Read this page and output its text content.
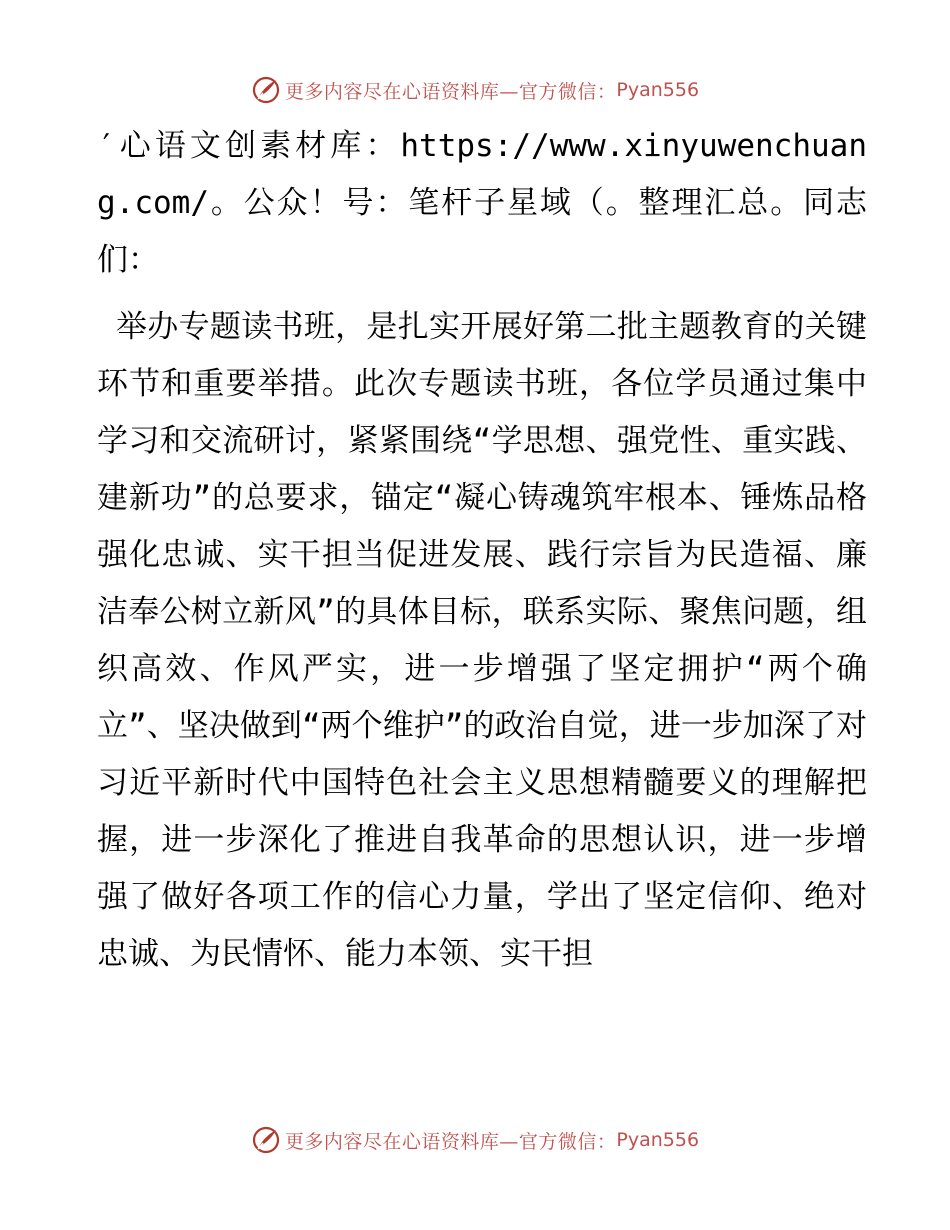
更多内容尽在心语资料库—官方微信： Pyan556

′心语文创素材库：https://www.xinyuwenchuang.com/。公众！号：笔杆子星域（。整理汇总。同志们：

举办专题读书班，是扎实开展好第二批主题教育的关键环节和重要举措。此次专题读书班，各位学员通过集中学习和交流研讨，紧紧围绕“学思想、强党性、重实践、建新功”的总要求，锚定“凝心铸魂筑牢根本、锤炼品格强化忠诚、实干担当促进发展、践行宗旨为民造福、廉洁奉公树立新风”的具体目标，联系实际、聚焦问题，组织高效、作风严实，进一步增强了坚定拥护“两个确立”、坚决做到“两个维护”的政治自觉，进一步加深了对习近平新时代中国特色社会主义思想精髓要义的理解把握，进一步深化了推进自我革命的思想认识，进一步增强了做好各项工作的信心力量，学出了坚定信仰、绝对忠诚、为民情怀、能力本领、实干担

更多内容尽在心语资料库—官方微信： Pyan556
